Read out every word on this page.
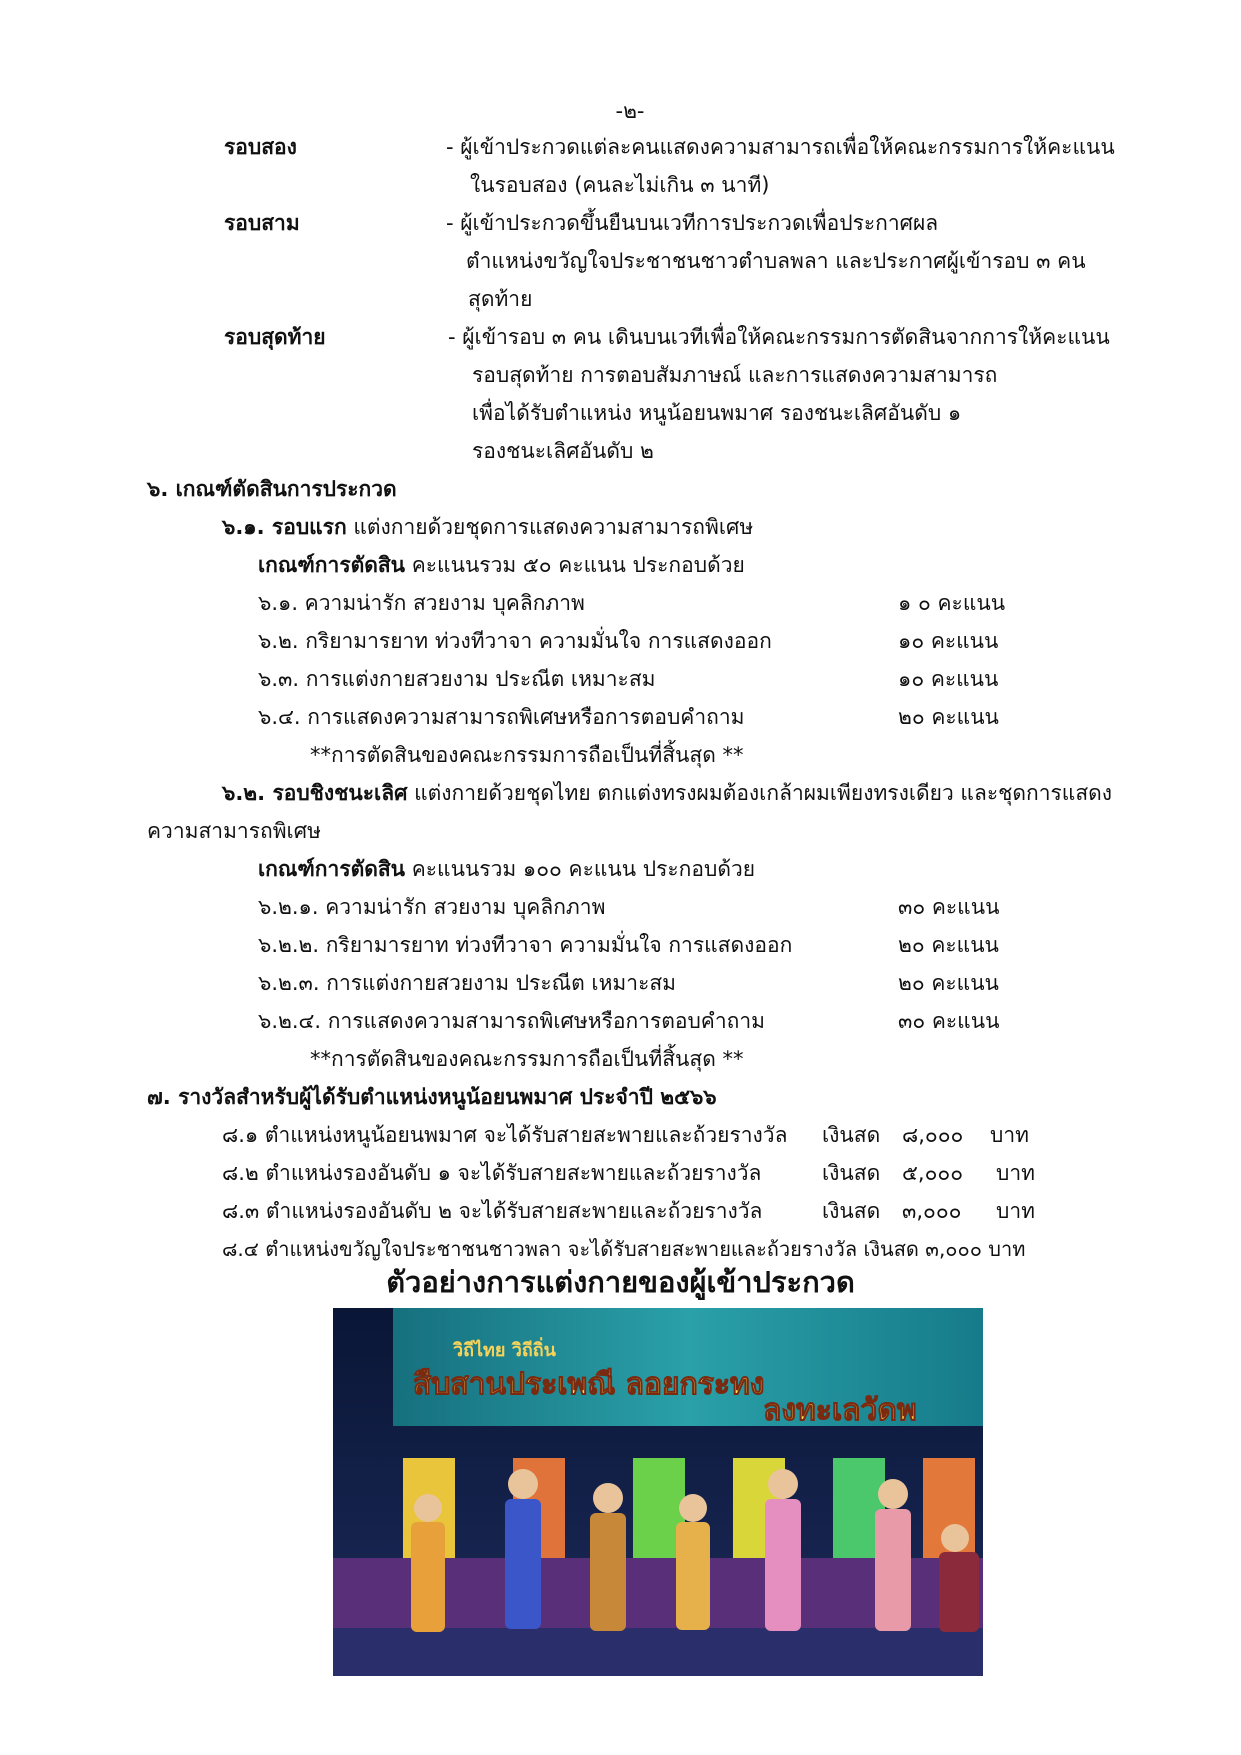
-๒-
รอบสอง	- ผู้เข้าประกวดแต่ละคนแสดงความสามารถเพื่อให้คณะกรรมการให้คะแนน
ในรอบสอง (คนละไม่เกิน ๓ นาที)
รอบสาม	- ผู้เข้าประกวดขึ้นยืนบนเวทีการประกวดเพื่อประกาศผล
ตำแหน่งขวัญใจประชาชนชาวตำบลพลา และประกาศผู้เข้ารอบ ๓ คน
สุดท้าย
รอบสุดท้าย	- ผู้เข้ารอบ ๓ คน เดินบนเวทีเพื่อให้คณะกรรมการตัดสินจากการให้คะแนน
รอบสุดท้าย การตอบสัมภาษณ์ และการแสดงความสามารถ
เพื่อได้รับตำแหน่ง หนูน้อยนพมาศ รองชนะเลิศอันดับ ๑
รองชนะเลิศอันดับ ๒
๖. เกณฑ์ตัดสินการประกวด
๖.๑. รอบแรก แต่งกายด้วยชุดการแสดงความสามารถพิเศษ
เกณฑ์การตัดสิน คะแนนรวม ๕๐ คะแนน ประกอบด้วย
๖.๑. ความน่ารัก สวยงาม บุคลิกภาพ	๑ ๐ คะแนน
๖.๒. กริยามารยาท ท่วงทีวาจา ความมั่นใจ การแสดงออก	๑๐ คะแนน
๖.๓. การแต่งกายสวยงาม ประณีต เหมาะสม	๑๐ คะแนน
๖.๔. การแสดงความสามารถพิเศษหรือการตอบคำถาม	๒๐ คะแนน
**การตัดสินของคณะกรรมการถือเป็นที่สิ้นสุด **
๖.๒. รอบชิงชนะเลิศ แต่งกายด้วยชุดไทย ตกแต่งทรงผมต้องเกล้าผมเพียงทรงเดียว และชุดการแสดง
ความสามารถพิเศษ
เกณฑ์การตัดสิน คะแนนรวม ๑๐๐ คะแนน ประกอบด้วย
๖.๒.๑. ความน่ารัก สวยงาม บุคลิกภาพ	๓๐ คะแนน
๖.๒.๒. กริยามารยาท ท่วงทีวาจา ความมั่นใจ การแสดงออก	๒๐ คะแนน
๖.๒.๓. การแต่งกายสวยงาม ประณีต เหมาะสม	๒๐ คะแนน
๖.๒.๔. การแสดงความสามารถพิเศษหรือการตอบคำถาม	๓๐ คะแนน
**การตัดสินของคณะกรรมการถือเป็นที่สิ้นสุด **
๗. รางวัลสำหรับผู้ได้รับตำแหน่งหนูน้อยนพมาศ ประจำปี ๒๕๖๖
๘.๑ ตำแหน่งหนูน้อยนพมาศ จะได้รับสายสะพายและถ้วยรางวัล เงินสด ๘,๐๐๐ บาท
๘.๒ ตำแหน่งรองอันดับ ๑ จะได้รับสายสะพายและถ้วยรางวัล	เงินสด ๕,๐๐๐ บาท
๘.๓ ตำแหน่งรองอันดับ ๒ จะได้รับสายสะพายและถ้วยรางวัล	เงินสด ๓,๐๐๐ บาท
๘.๔ ตำแหน่งขวัญใจประชาชนชาวพลา จะได้รับสายสะพายและถ้วยรางวัล เงินสด ๓,๐๐๐ บาท
ตัวอย่างการแต่งกายของผู้เข้าประกวด
วิถีไทย วิถีถิ่น
สืบสานประเพณี ลอยกระทง
ลงทะเลวัดพ
